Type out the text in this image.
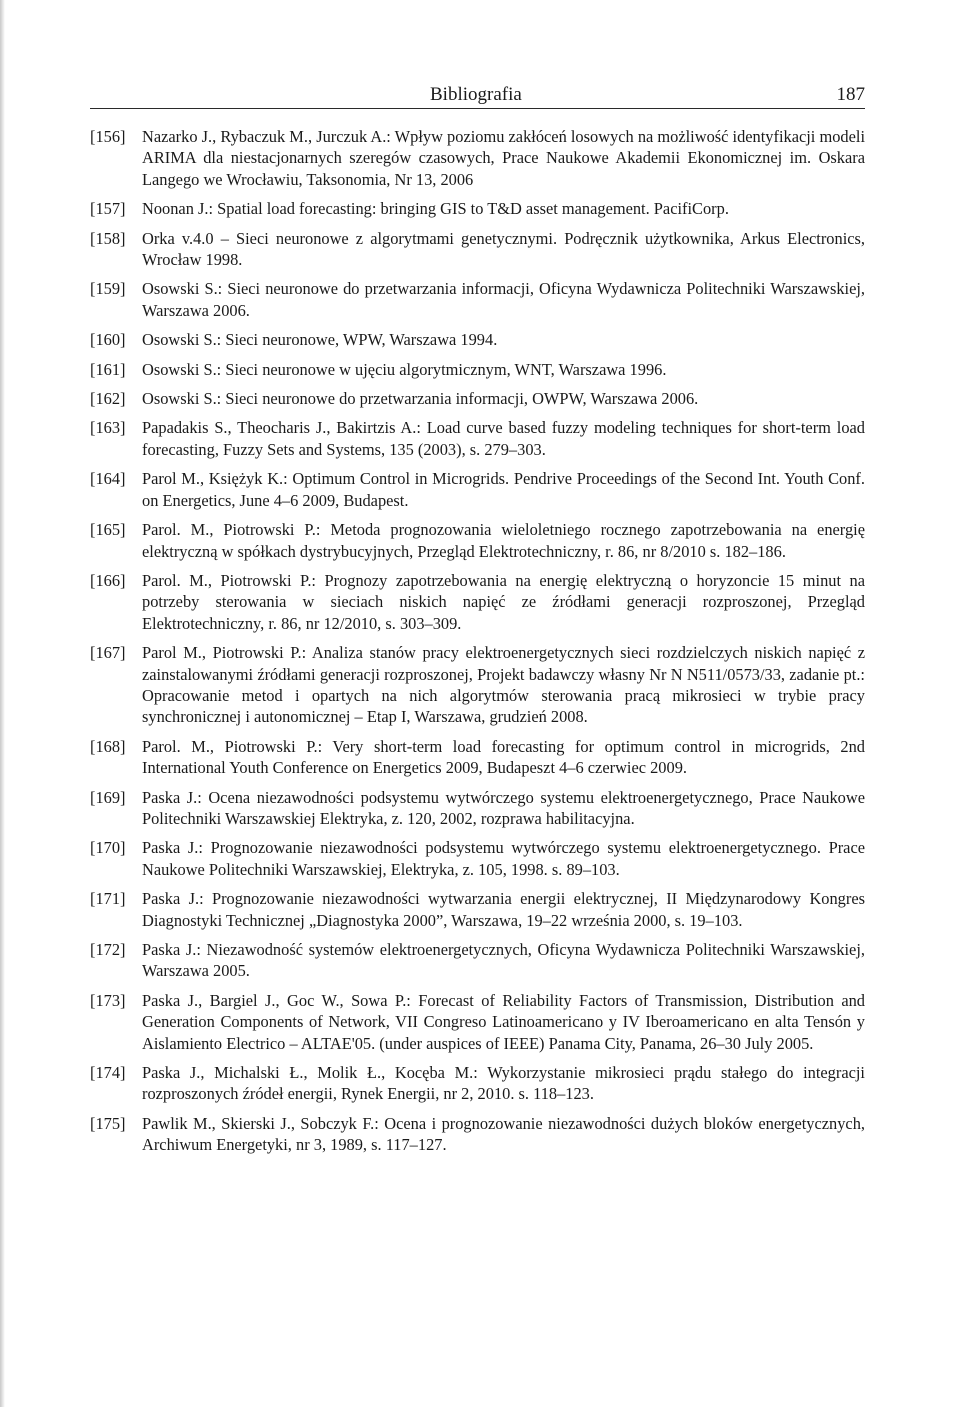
Bibliografia	187
[156] Nazarko J., Rybaczuk M., Jurczuk A.: Wpływ poziomu zakłóceń losowych na możliwość identyfikacji modeli ARIMA dla niestacjonarnych szeregów czasowych, Prace Naukowe Akademii Ekonomicznej im. Oskara Langego we Wrocławiu, Taksonomia, Nr 13, 2006
[157] Noonan J.: Spatial load forecasting: bringing GIS to T&D asset management. PacifiCorp.
[158] Orka v.4.0 – Sieci neuronowe z algorytmami genetycznymi. Podręcznik użytkownika, Arkus Electronics, Wrocław 1998.
[159] Osowski S.: Sieci neuronowe do przetwarzania informacji, Oficyna Wydawnicza Politechniki Warszawskiej, Warszawa 2006.
[160] Osowski S.: Sieci neuronowe, WPW, Warszawa 1994.
[161] Osowski S.: Sieci neuronowe w ujęciu algorytmicznym, WNT, Warszawa 1996.
[162] Osowski S.: Sieci neuronowe do przetwarzania informacji, OWPW, Warszawa 2006.
[163] Papadakis S., Theocharis J., Bakirtzis A.: Load curve based fuzzy modeling techniques for short-term load forecasting, Fuzzy Sets and Systems, 135 (2003), s. 279–303.
[164] Parol M., Księżyk K.: Optimum Control in Microgrids. Pendrive Proceedings of the Second Int. Youth Conf. on Energetics, June 4–6 2009, Budapest.
[165] Parol. M., Piotrowski P.: Metoda prognozowania wieloletniego rocznego zapotrzebowania na energię elektryczną w spółkach dystrybucyjnych, Przegląd Elektrotechniczny, r. 86, nr 8/2010 s. 182–186.
[166] Parol. M., Piotrowski P.: Prognozy zapotrzebowania na energię elektryczną o horyzoncie 15 minut na potrzeby sterowania w sieciach niskich napięć ze źródłami generacji rozproszonej, Przegląd Elektrotechniczny, r. 86, nr 12/2010, s. 303–309.
[167] Parol M., Piotrowski P.: Analiza stanów pracy elektroenergetycznych sieci rozdzielczych niskich napięć z zainstalowanymi źródłami generacji rozproszonej, Projekt badawczy własny Nr N N511/0573/33, zadanie pt.: Opracowanie metod i opartych na nich algorytmów sterowania pracą mikrosieci w trybie pracy synchronicznej i autonomicznej – Etap I, Warszawa, grudzień 2008.
[168] Parol. M., Piotrowski P.: Very short-term load forecasting for optimum control in microgrids, 2nd International Youth Conference on Energetics 2009, Budapeszt 4–6 czerwiec 2009.
[169] Paska J.: Ocena niezawodności podsystemu wytwórczego systemu elektroenergetycznego, Prace Naukowe Politechniki Warszawskiej Elektryka, z. 120, 2002, rozprawa habilitacyjna.
[170] Paska J.: Prognozowanie niezawodności podsystemu wytwórczego systemu elektroenergetycznego. Prace Naukowe Politechniki Warszawskiej, Elektryka, z. 105, 1998. s. 89–103.
[171] Paska J.: Prognozowanie niezawodności wytwarzania energii elektrycznej, II Międzynarodowy Kongres Diagnostyki Technicznej „Diagnostyka 2000”, Warszawa, 19–22 września 2000, s. 19–103.
[172] Paska J.: Niezawodność systemów elektroenergetycznych, Oficyna Wydawnicza Politechniki Warszawskiej, Warszawa 2005.
[173] Paska J., Bargiel J., Goc W., Sowa P.: Forecast of Reliability Factors of Transmission, Distribution and Generation Components of Network, VII Congreso Latinoamericano y IV Iberoamericano en alta Tensón y Aislamiento Electrico – ALTAE'05. (under auspices of IEEE) Panama City, Panama, 26–30 July 2005.
[174] Paska J., Michalski Ł., Molik Ł., Kocęba M.: Wykorzystanie mikrosieci prądu stałego do integracji rozproszonych źródeł energii, Rynek Energii, nr 2, 2010. s. 118–123.
[175] Pawlik M., Skierski J., Sobczyk F.: Ocena i prognozowanie niezawodności dużych bloków energetycznych, Archiwum Energetyki, nr 3, 1989, s. 117–127.
